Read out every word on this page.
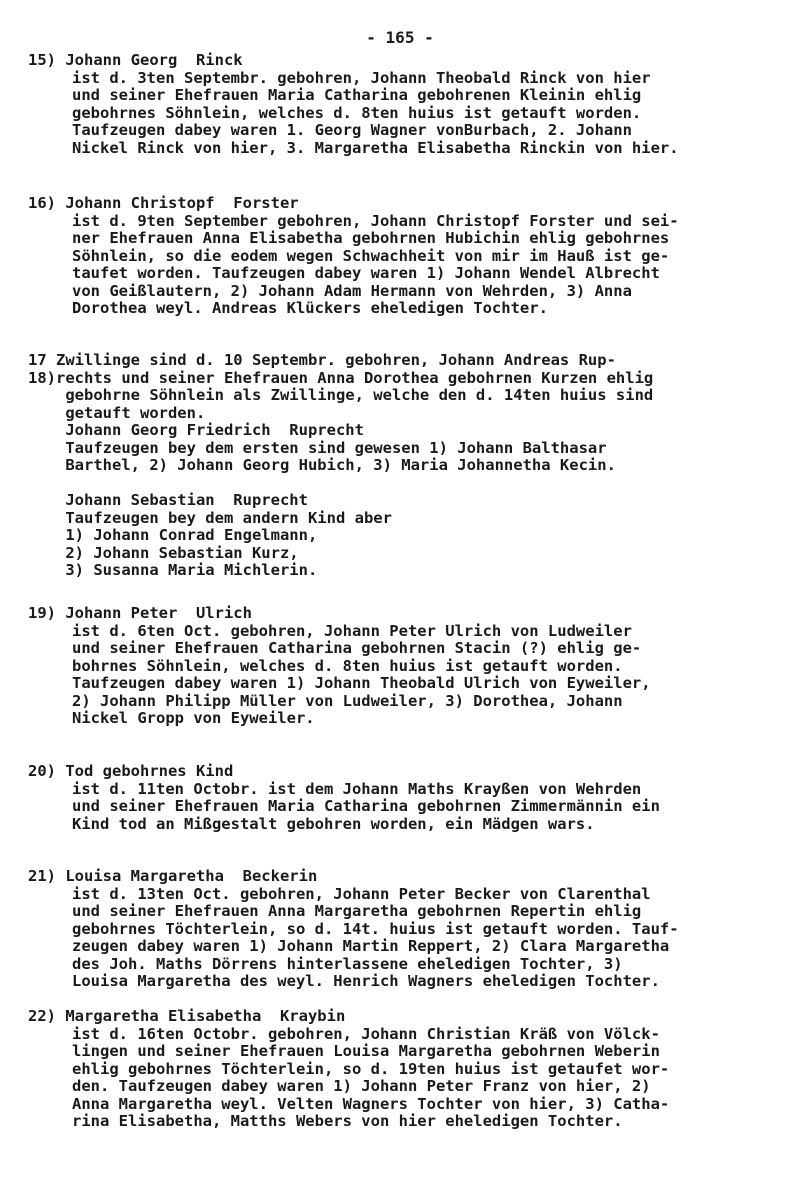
- 165 -
15) Johann Georg  Rinck
ist d. 3ten Septembr. gebohren, Johann Theobald Rinck von hier
und seiner Ehefrauen Maria Catharina gebohrenen Kleinin ehlig
gebohrnes Söhnlein, welches d. 8ten huius ist getauft worden.
Taufzeugen dabey waren 1. Georg Wagner vonBurbach, 2. Johann
Nickel Rinck von hier, 3. Margaretha Elisabetha Rinckin von hier.
16) Johann Christopf  Forster
ist d. 9ten September gebohren, Johann Christopf Forster und sei-
ner Ehefrauen Anna Elisabetha gebohrnen Hubichin ehlig gebohrnes
Söhnlein, so die eodem wegen Schwachheit von mir im Hauß ist ge-
taufet worden. Taufzeugen dabey waren 1) Johann Wendel Albrecht
von Geißlautern, 2) Johann Adam Hermann von Wehrden, 3) Anna
Dorothea weyl. Andreas Klückers eheledigen Tochter.
17 Zwillinge sind d. 10 Septembr. gebohren, Johann Andreas Rup-
18)rechts und seiner Ehefrauen Anna Dorothea gebohrnen Kurzen ehlig
gebohrne Söhnlein als Zwillinge, welche den d. 14ten huius sind
getauft worden.
Johann Georg Friedrich  Ruprecht
Taufzeugen bey dem ersten sind gewesen 1) Johann Balthasar
Barthel, 2) Johann Georg Hubich, 3) Maria Johannetha Kecin.

Johann Sebastian  Ruprecht
Taufzeugen bey dem andern Kind aber
1) Johann Conrad Engelmann,
2) Johann Sebastian Kurz,
3) Susanna Maria Michlerin.
19) Johann Peter  Ulrich
ist d. 6ten Oct. gebohren, Johann Peter Ulrich von Ludweiler
und seiner Ehefrauen Catharina gebohrnen Stacin (?) ehlig ge-
bohrnes Söhnlein, welches d. 8ten huius ist getauft worden.
Taufzeugen dabey waren 1) Johann Theobald Ulrich von Eyweiler,
2) Johann Philipp Müller von Ludweiler, 3) Dorothea, Johann
Nickel Gropp von Eyweiler.
20) Tod gebohrnes Kind
ist d. 11ten Octobr. ist dem Johann Maths Krayßen von Wehrden
und seiner Ehefrauen Maria Catharina gebohrnen Zimmermännin ein
Kind tod an Mißgestalt gebohren worden, ein Mädgen wars.
21) Louisa Margaretha  Beckerin
ist d. 13ten Oct. gebohren, Johann Peter Becker von Clarenthal
und seiner Ehefrauen Anna Margaretha gebohrnen Repertin ehlig
gebohrnes Töchterlein, so d. 14t. huius ist getauft worden. Tauf-
zeugen dabey waren 1) Johann Martin Reppert, 2) Clara Margaretha
des Joh. Maths Dörrens hinterlassene eheledigen Tochter, 3)
Louisa Margaretha des weyl. Henrich Wagners eheledigen Tochter.
22) Margaretha Elisabetha  Kraybin
ist d. 16ten Octobr. gebohren, Johann Christian Kräß von Völck-
lingen und seiner Ehefrauen Louisa Margaretha gebohrnen Weberin
ehlig gebohrnes Töchterlein, so d. 19ten huius ist getaufet wor-
den. Taufzeugen dabey waren 1) Johann Peter Franz von hier, 2)
Anna Margaretha weyl. Velten Wagners Tochter von hier, 3) Catha-
rina Elisabetha, Matths Webers von hier eheledigen Tochter.
